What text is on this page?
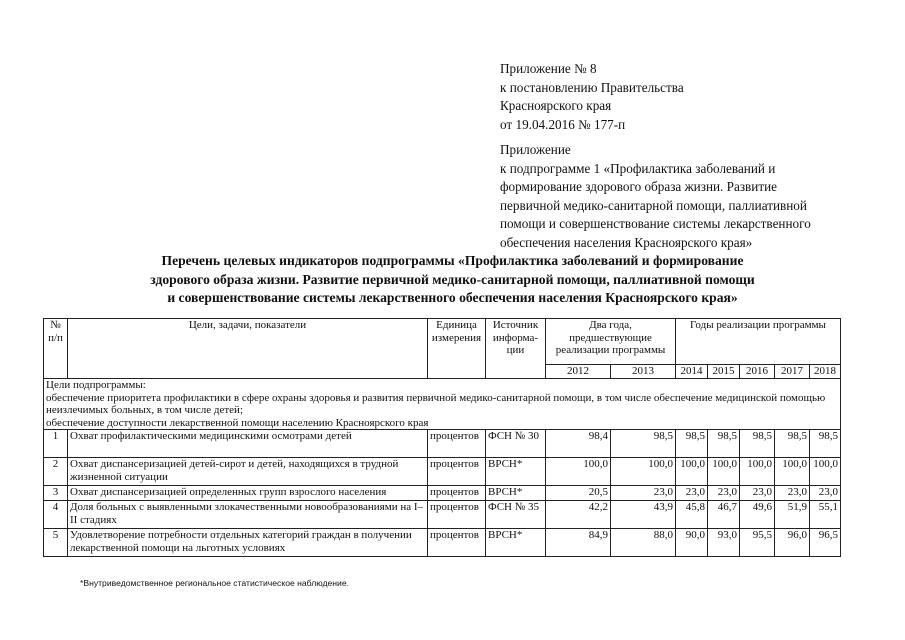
Приложение № 8
к постановлению Правительства
Красноярского края
от 19.04.2016 № 177-п
Приложение
к подпрограмме 1 «Профилактика заболеваний и
формирование здорового образа жизни. Развитие
первичной медико-санитарной помощи, паллиативной
помощи и совершенствование системы лекарственного
обеспечения населения Красноярского края»
Перечень целевых индикаторов подпрограммы «Профилактика заболеваний и формирование
здорового образа жизни. Развитие первичной медико-санитарной помощи, паллиативной помощи
и совершенствование системы лекарственного обеспечения населения Красноярского края»
№ п/п	Цели, задачи, показатели	Единица измерения	Источник информа-ции	Два года, предшествующие реализации программы		Годы реализации программы				
				2012	2013	2014	2015	2016	2017	2018

Цели подпрограммы:
обеспечение приоритета профилактики в сфере охраны здоровья и развития первичной медико-санитарной помощи, в том числе обеспечение медицинской помощью неизлечимых больных, в том числе детей;
обеспечение доступности лекарственной помощи населению Красноярского края										

1	Охват профилактическими медицинскими осмотрами детей	процентов	ФСН № 30	98,4	98,5	98,5	98,5	98,5	98,5	98,5
2	Охват диспансеризацией детей-сирот и детей, находящихся в трудной жизненной ситуации	процентов	ВРСН*	100,0	100,0	100,0	100,0	100,0	100,0	100,0
3	Охват диспансеризацией определенных групп взрослого населения	процентов	ВРСН*	20,5	23,0	23,0	23,0	23,0	23,0	23,0
4	Доля больных с выявленными злокачественными новообразованиями на I–II стадиях	процентов	ФСН № 35	42,2	43,9	45,8	46,7	49,6	51,9	55,1
5	Удовлетворение потребности отдельных категорий граждан в получении лекарственной помощи на льготных условиях	процентов	ВРСН*	84,9	88,0	90,0	93,0	95,5	96,0	96,5
*Внутриведомственное региональное статистическое наблюдение.
